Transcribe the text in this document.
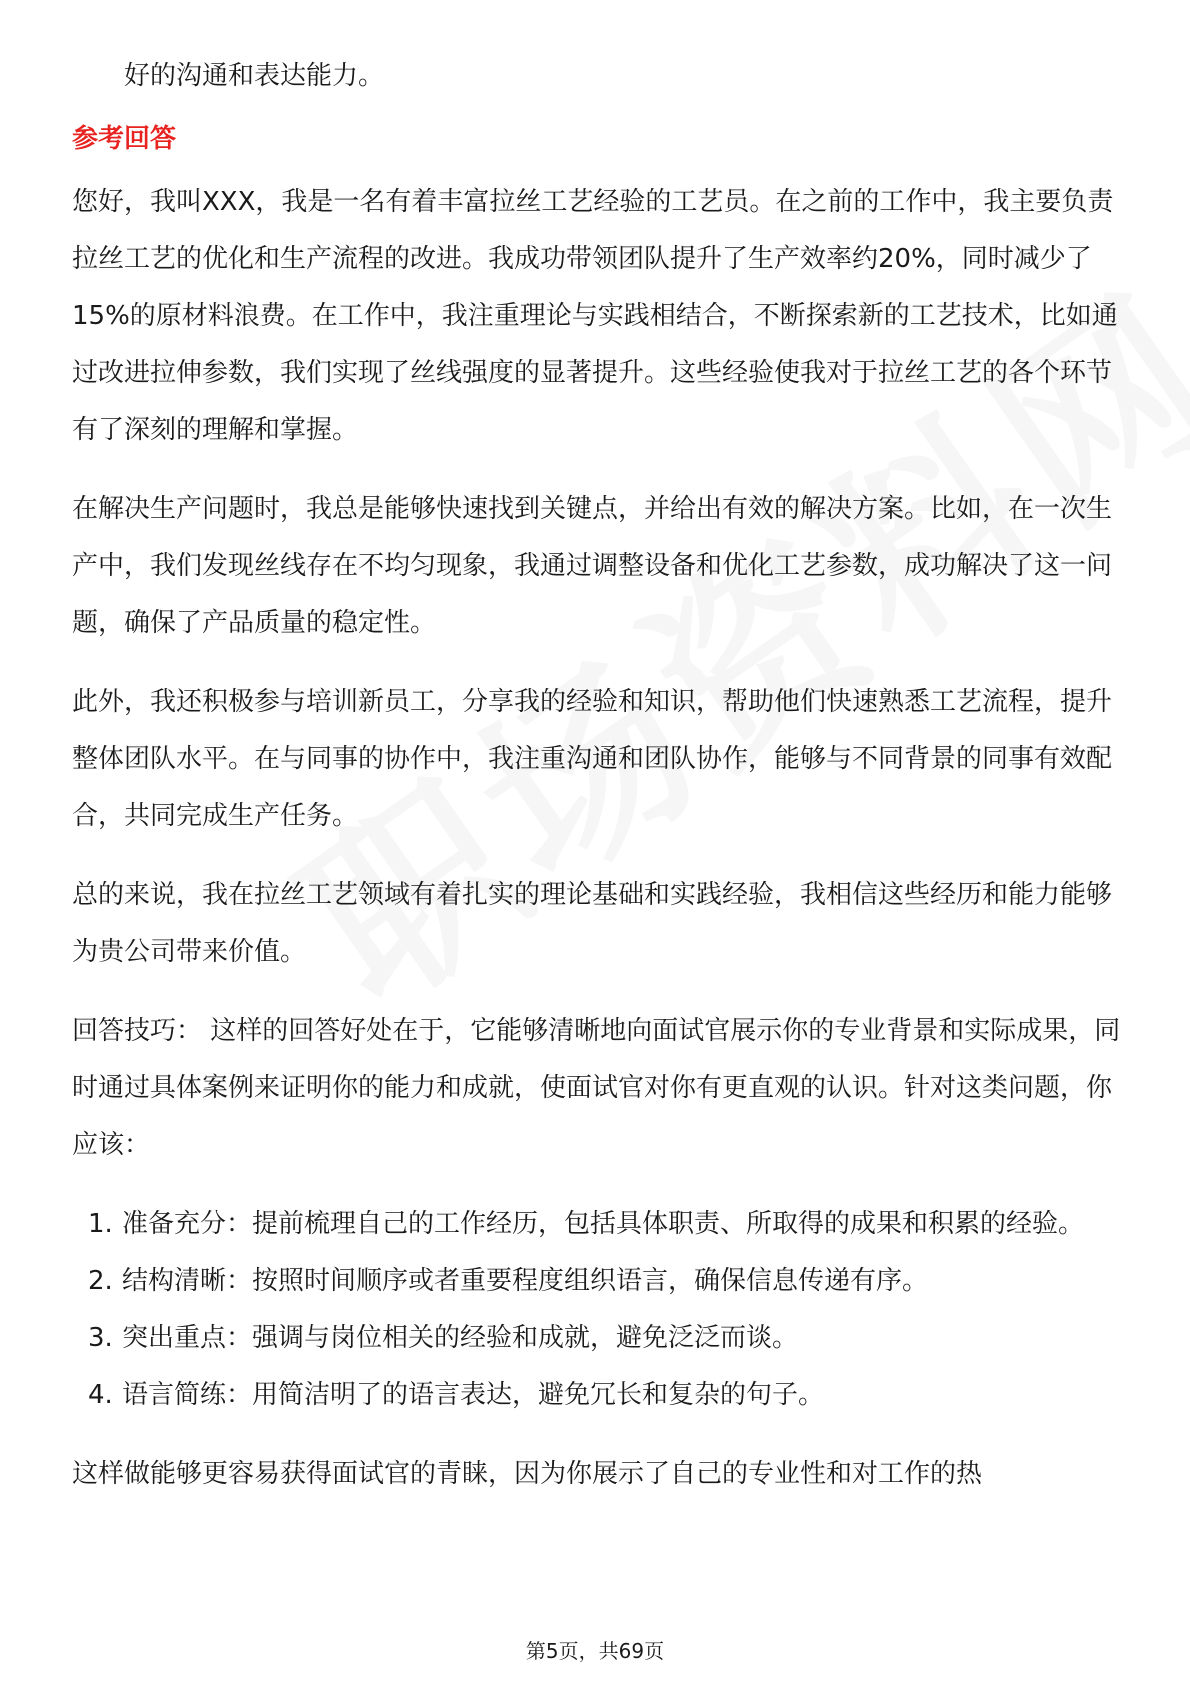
好的沟通和表达能力。

参考回答

您好，我叫XXX，我是一名有着丰富拉丝工艺经验的工艺员。在之前的工作中，我主要负责拉丝工艺的优化和生产流程的改进。我成功带领团队提升了生产效率约20%，同时减少了15%的原材料浪费。在工作中，我注重理论与实践相结合，不断探索新的工艺技术，比如通过改进拉伸参数，我们实现了丝线强度的显著提升。这些经验使我对于拉丝工艺的各个环节有了深刻的理解和掌握。

在解决生产问题时，我总是能够快速找到关键点，并给出有效的解决方案。比如，在一次生产中，我们发现丝线存在不均匀现象，我通过调整设备和优化工艺参数，成功解决了这一问题，确保了产品质量的稳定性。

此外，我还积极参与培训新员工，分享我的经验和知识，帮助他们快速熟悉工艺流程，提升整体团队水平。在与同事的协作中，我注重沟通和团队协作，能够与不同背景的同事有效配合，共同完成生产任务。

总的来说，我在拉丝工艺领域有着扎实的理论基础和实践经验，我相信这些经历和能力能够为贵公司带来价值。

回答技巧： 这样的回答好处在于，它能够清晰地向面试官展示你的专业背景和实际成果，同时通过具体案例来证明你的能力和成就，使面试官对你有更直观的认识。针对这类问题，你应该：

1. 准备充分：提前梳理自己的工作经历，包括具体职责、所取得的成果和积累的经验。
2. 结构清晰：按照时间顺序或者重要程度组织语言，确保信息传递有序。
3. 突出重点：强调与岗位相关的经验和成就，避免泛泛而谈。
4. 语言简练：用简洁明了的语言表达，避免冗长和复杂的句子。

这样做能够更容易获得面试官的青睐，因为你展示了自己的专业性和对工作的热

第5页，共69页
